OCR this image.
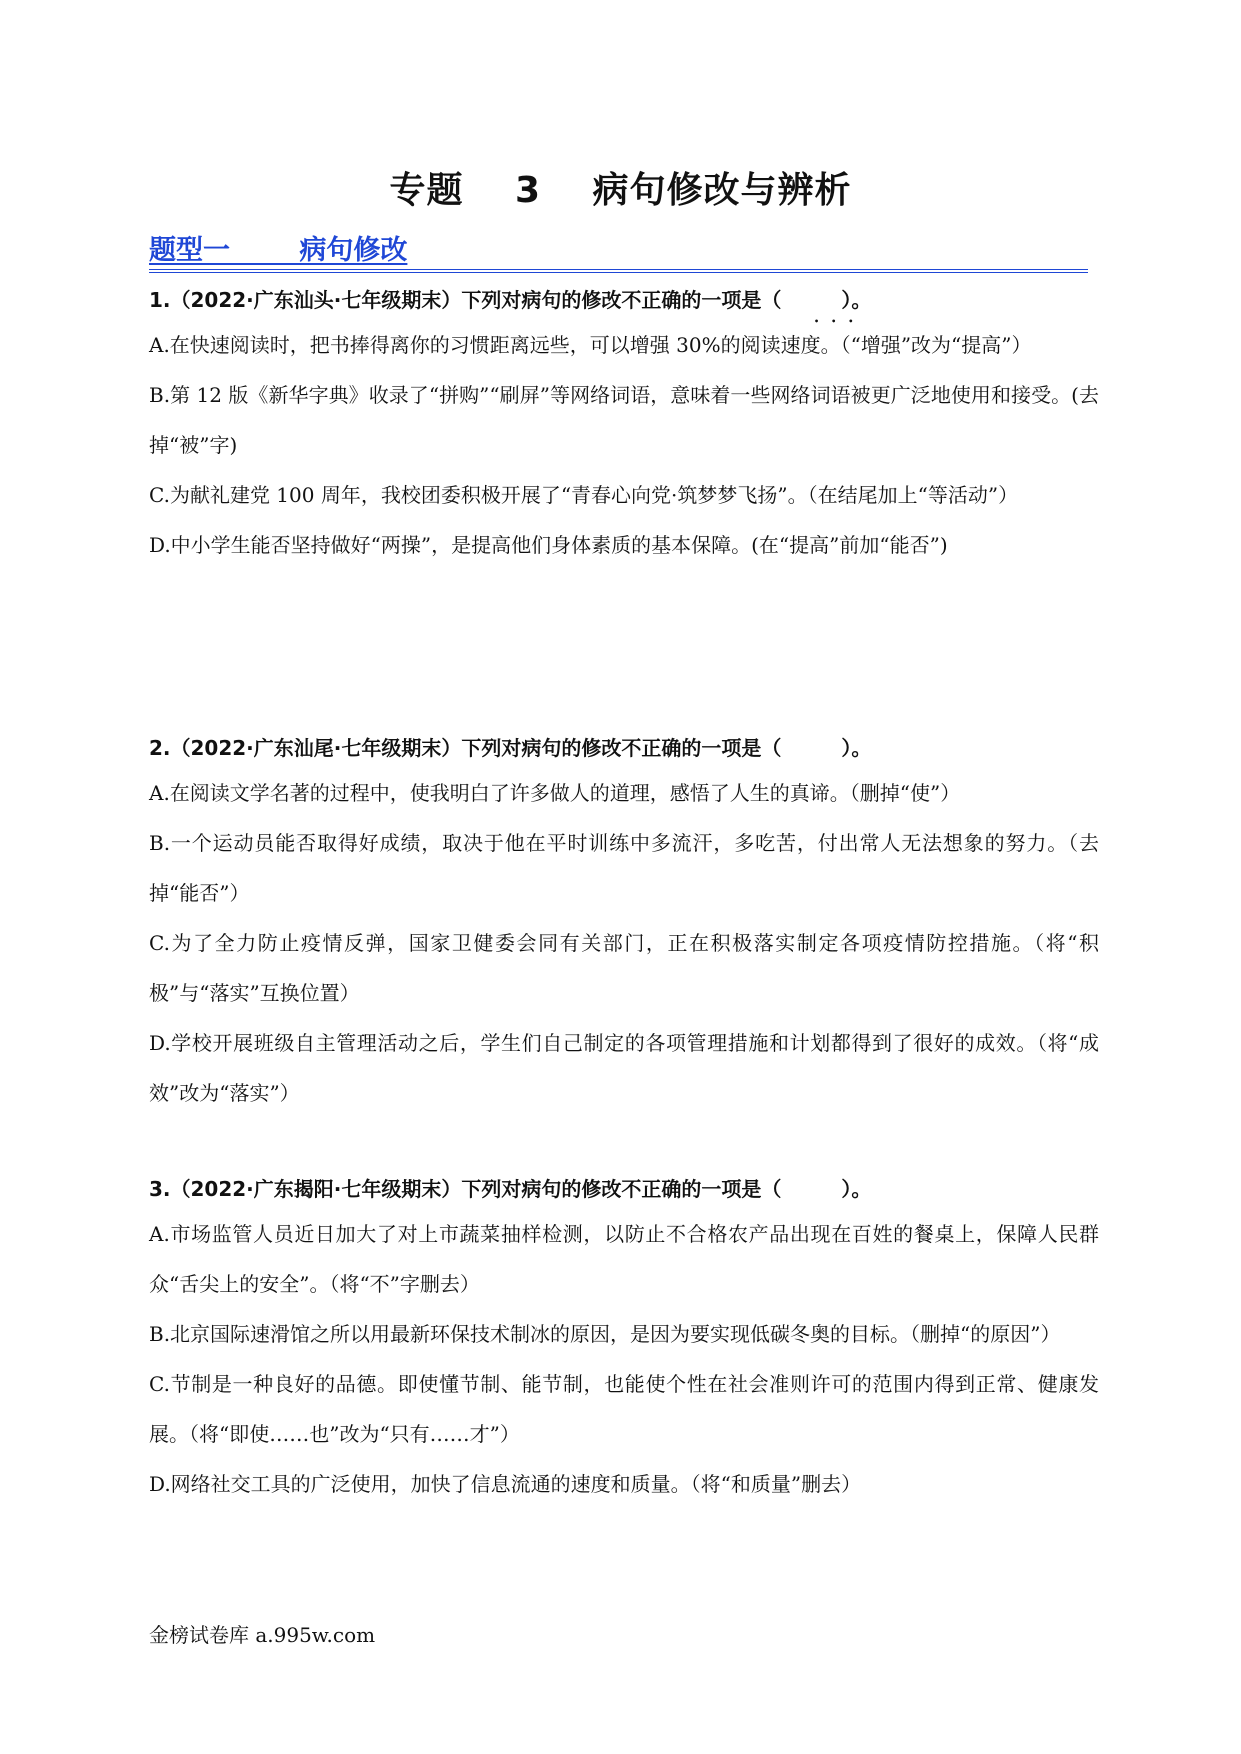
专题 3 病句修改与辨析
题型一 病句修改
1.（2022·广东汕头·七年级期末）下列对病句的修改不正确的一项是（　　　）。
•••

A.在快速阅读时，把书捧得离你的习惯距离远些，可以增强 30%的阅读速度。（“增强”改为“提高”）

B.第 12 版《新华字典》收录了“拼购”“刷屏”等网络词语，意味着一些网络词语被更广泛地使用和接受。(去掉“被”字)

C.为献礼建党 100 周年，我校团委积极开展了“青春心向党·筑梦梦飞扬”。（在结尾加上“等活动”）

D.中小学生能否坚持做好“两操”，是提高他们身体素质的基本保障。(在“提高”前加“能否”)

2.（2022·广东汕尾·七年级期末）下列对病句的修改不正确的一项是（　　　）。

A.在阅读文学名著的过程中，使我明白了许多做人的道理，感悟了人生的真谛。（删掉“使”）

B.一个运动员能否取得好成绩，取决于他在平时训练中多流汗，多吃苦，付出常人无法想象的努力。（去掉“能否”）

C.为了全力防止疫情反弹，国家卫健委会同有关部门，正在积极落实制定各项疫情防控措施。（将“积极”与“落实”互换位置）

D.学校开展班级自主管理活动之后，学生们自己制定的各项管理措施和计划都得到了很好的成效。（将“成效”改为“落实”）

3.（2022·广东揭阳·七年级期末）下列对病句的修改不正确的一项是（　　　）。

A.市场监管人员近日加大了对上市蔬菜抽样检测，以防止不合格农产品出现在百姓的餐桌上，保障人民群众“舌尖上的安全”。（将“不”字删去）

B.北京国际速滑馆之所以用最新环保技术制冰的原因，是因为要实现低碳冬奥的目标。（删掉“的原因”）

C.节制是一种良好的品德。即使懂节制、能节制，也能使个性在社会准则许可的范围内得到正常、健康发展。（将“即使……也”改为“只有……才”）

D.网络社交工具的广泛使用，加快了信息流通的速度和质量。（将“和质量”删去）

金榜试卷库 a.995w.com
